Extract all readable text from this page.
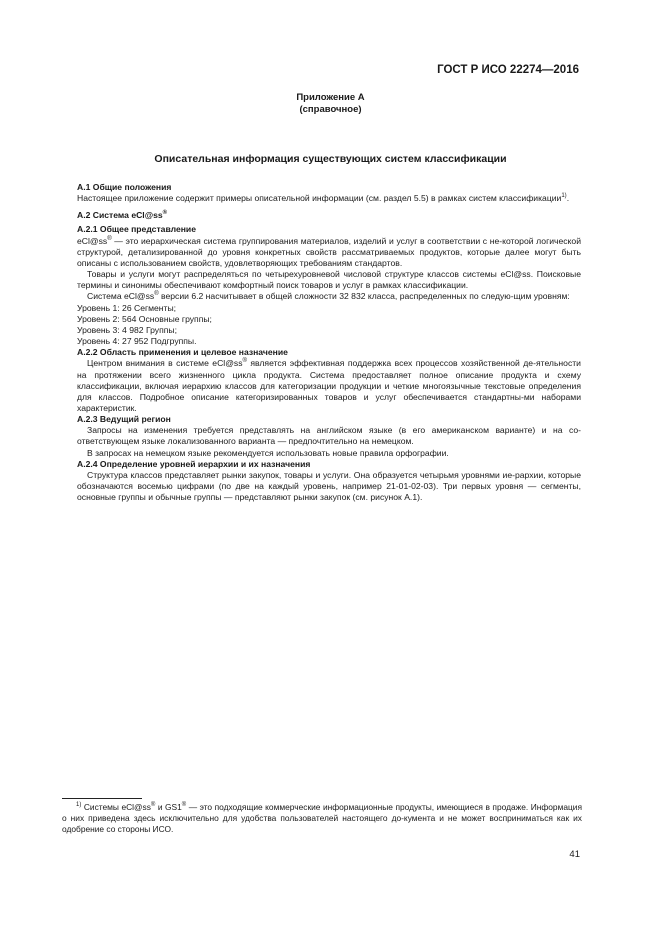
ГОСТ Р ИСО 22274—2016
Приложение А
(справочное)
Описательная информация существующих систем классификации

А.1 Общие положения

Настоящее приложение содержит примеры описательной информации (см. раздел 5.5) в рамках систем классификации$^{1)}$.

А.2 Система eCl@ss®

А.2.1 Общее представление

eCl@ss® — это иерархическая система группирования материалов, изделий и услуг в соответствии с не-которой логической структурой, детализированной до уровня конкретных свойств рассматриваемых продуктов, которые далее могут быть описаны с использованием свойств, удовлетворяющих требованиям стандартов.

Товары и услуги могут распределяться по четырехуровневой числовой структуре классов системы eCl@ss. Поисковые термины и синонимы обеспечивают комфортный поиск товаров и услуг в рамках классификации.

Система eCl@ss® версии 6.2 насчитывает в общей сложности 32 832 класса, распределенных по следую-щим уровням:

Уровень 1: 26 Сегменты;

Уровень 2: 564 Основные группы;

Уровень 3: 4 982 Группы;

Уровень 4: 27 952 Подгруппы.

А.2.2 Область применения и целевое назначение

Центром внимания в системе eCl@ss® является эффективная поддержка всех процессов хозяйственной де-ятельности на протяжении всего жизненного цикла продукта. Система предоставляет полное описание продукта и схему классификации, включая иерархию классов для категоризации продукции и четкие многоязычные текстовые определения для классов. Подробное описание категоризированных товаров и услуг обеспечивается стандартны-ми наборами характеристик.

А.2.3 Ведущий регион

Запросы на изменения требуется представлять на английском языке (в его американском варианте) и на со-ответствующем языке локализованного варианта — предпочтительно на немецком.

В запросах на немецком языке рекомендуется использовать новые правила орфографии.

А.2.4 Определение уровней иерархии и их назначения

Структура классов представляет рынки закупок, товары и услуги. Она образуется четырьмя уровнями ие-рархии, которые обозначаются восемью цифрами (по две на каждый уровень, например 21-01-02-03). Три первых уровня — сегменты, основные группы и обычные группы — представляют рынки закупок (см. рисунок А.1).

$^{1)}$ Системы eCl@ss® и GS1® — это подходящие коммерческие информационные продукты, имеющиеся в продаже. Информация о них приведена здесь исключительно для удобства пользователей настоящего до-кумента и не может восприниматься как их одобрение со стороны ИСО.
41
